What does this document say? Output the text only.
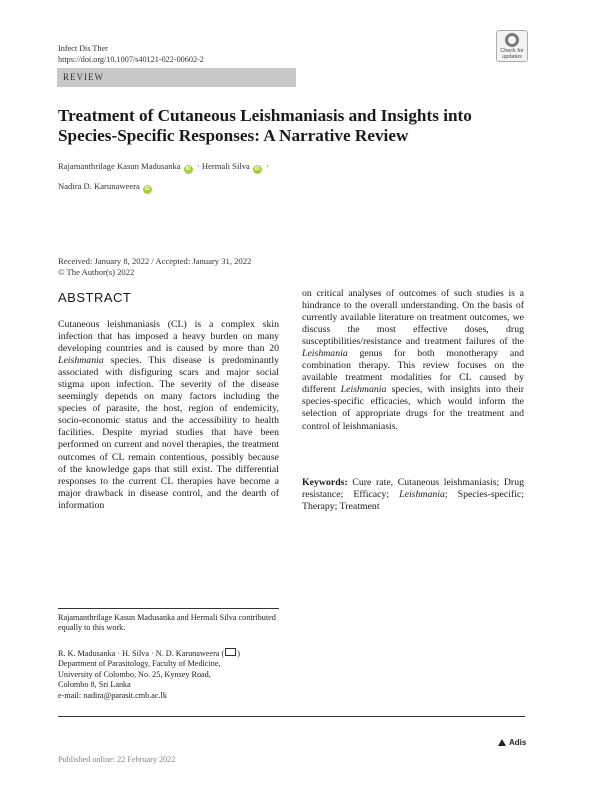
Infect Dis Ther
https://doi.org/10.1007/s40121-022-00602-2
Check for updates
REVIEW
Treatment of Cutaneous Leishmaniasis and Insights into Species-Specific Responses: A Narrative Review
Rajamanthrilage Kasun Madusanka iD · Hermali Silva iD ·
Nadira D. Karunaweera iD
Received: January 8, 2022 / Accepted: January 31, 2022
© The Author(s) 2022
ABSTRACT
Cutaneous leishmaniasis (CL) is a complex skin infection that has imposed a heavy burden on many developing countries and is caused by more than 20 Leishmania species. This disease is predominantly associated with disfiguring scars and major social stigma upon infection. The severity of the disease seemingly depends on many factors including the species of parasite, the host, region of endemicity, socio-economic status and the accessibility to health facilities. Despite myriad studies that have been performed on current and novel therapies, the treatment outcomes of CL remain contentious, possibly because of the knowledge gaps that still exist. The differential responses to the current CL therapies have become a major drawback in disease control, and the dearth of information
on critical analyses of outcomes of such studies is a hindrance to the overall understanding. On the basis of currently available literature on treatment outcomes, we discuss the most effective doses, drug susceptibilities/resistance and treatment failures of the Leishmania genus for both monotherapy and combination therapy. This review focuses on the available treatment modalities for CL caused by different Leishmania species, with insights into their species-specific efficacies, which would inform the selection of appropriate drugs for the treatment and control of leishmaniasis.
Keywords: Cure rate, Cutaneous leishmaniasis; Drug resistance; Efficacy; Leishmania; Species-specific; Therapy; Treatment
Rajamanthrilage Kasun Madusanka and Hermali Silva contributed equally to this work.
R. K. Madusanka · H. Silva · N. D. Karunaweera ( )
Department of Parasitology, Faculty of Medicine,
University of Colombo, No. 25, Kynsey Road,
Colombo 8, Sri Lanka
e-mail: nadira@parasit.cmb.ac.lk
Adis
Published online: 22 February 2022
